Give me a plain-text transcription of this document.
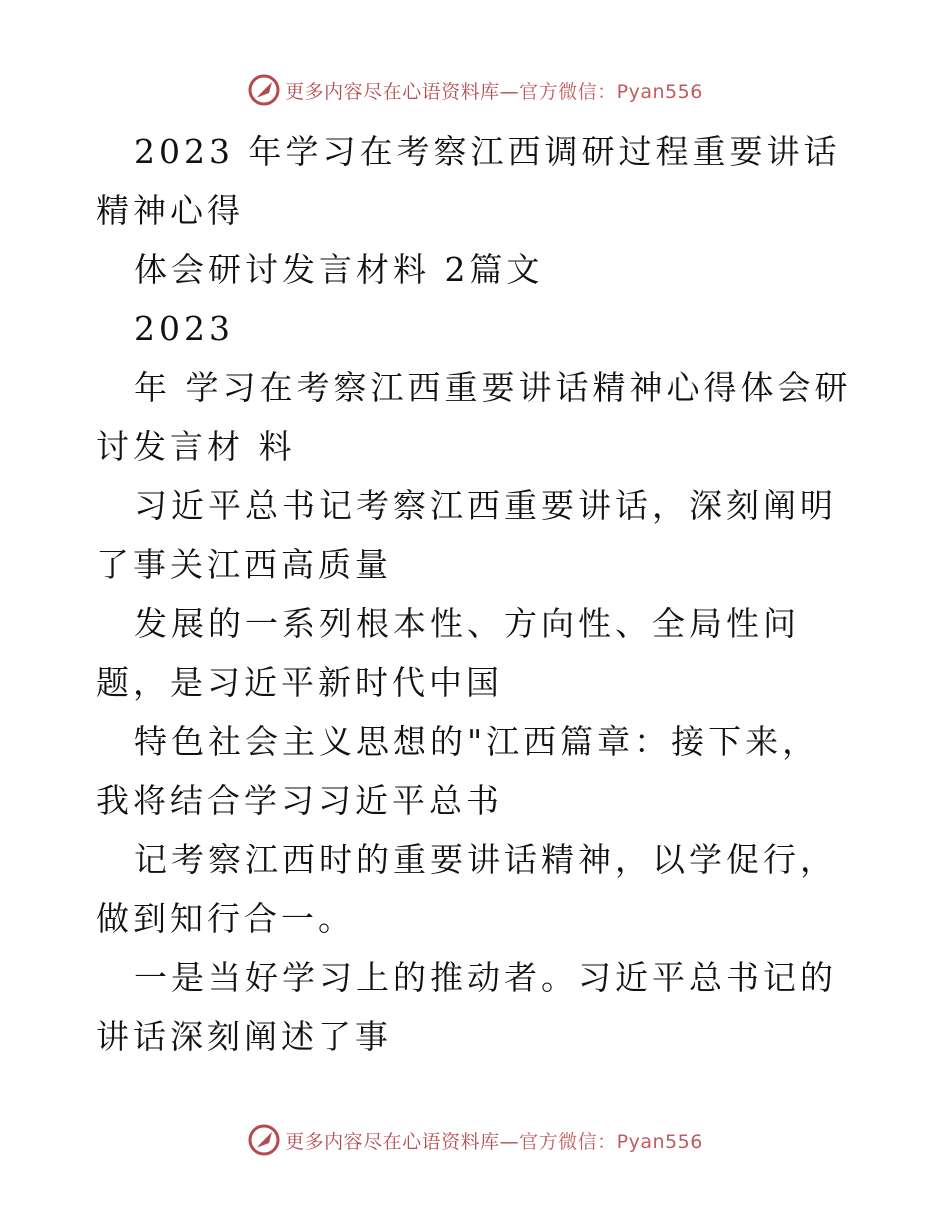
更多内容尽在心语资料库— 官方微信：Pyan556

2023 年学习在考察江西调研过程重要讲话精神心得

体会研讨发言材料 2篇文

2023

年 学习在考察江西重要讲话精神心得体会研讨发言材 料

习近平总书记考察江西重要讲话，深刻阐明了事关江西高质量

发展的一系列根本性、方向性、全局性问题，是习近平新时代中国

特色社会主义思想的"江西篇章：接下来，我将结合学习习近平总书

记考察江西时的重要讲话精神，以学促行，做到知行合一。

一是当好学习上的推动者。习近平总书记的讲话深刻阐述了事

更多内容尽在心语资料库— 官方微信：Pyan556
